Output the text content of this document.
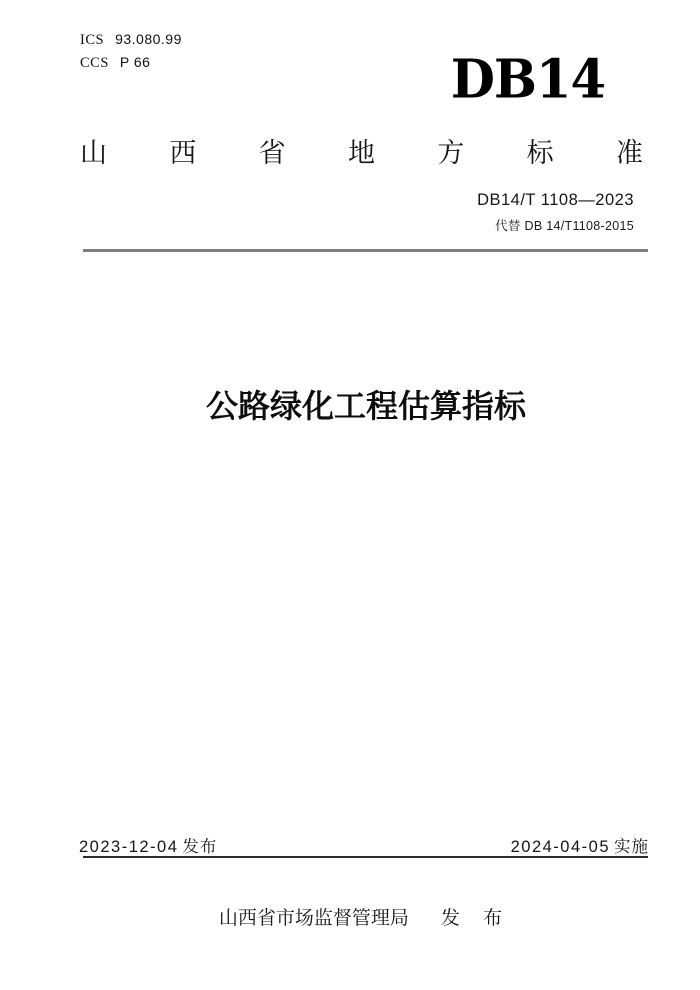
ICS 93.080.99
CCS P 66	DB14
山 西 省 地 方 标 准
DB14/T 1108—2023
代替 DB 14/T1108-2015
公路绿化工程估算指标
2023-12-04 发布	2024-04-05 实施
山西省市场监督管理局 发 布
